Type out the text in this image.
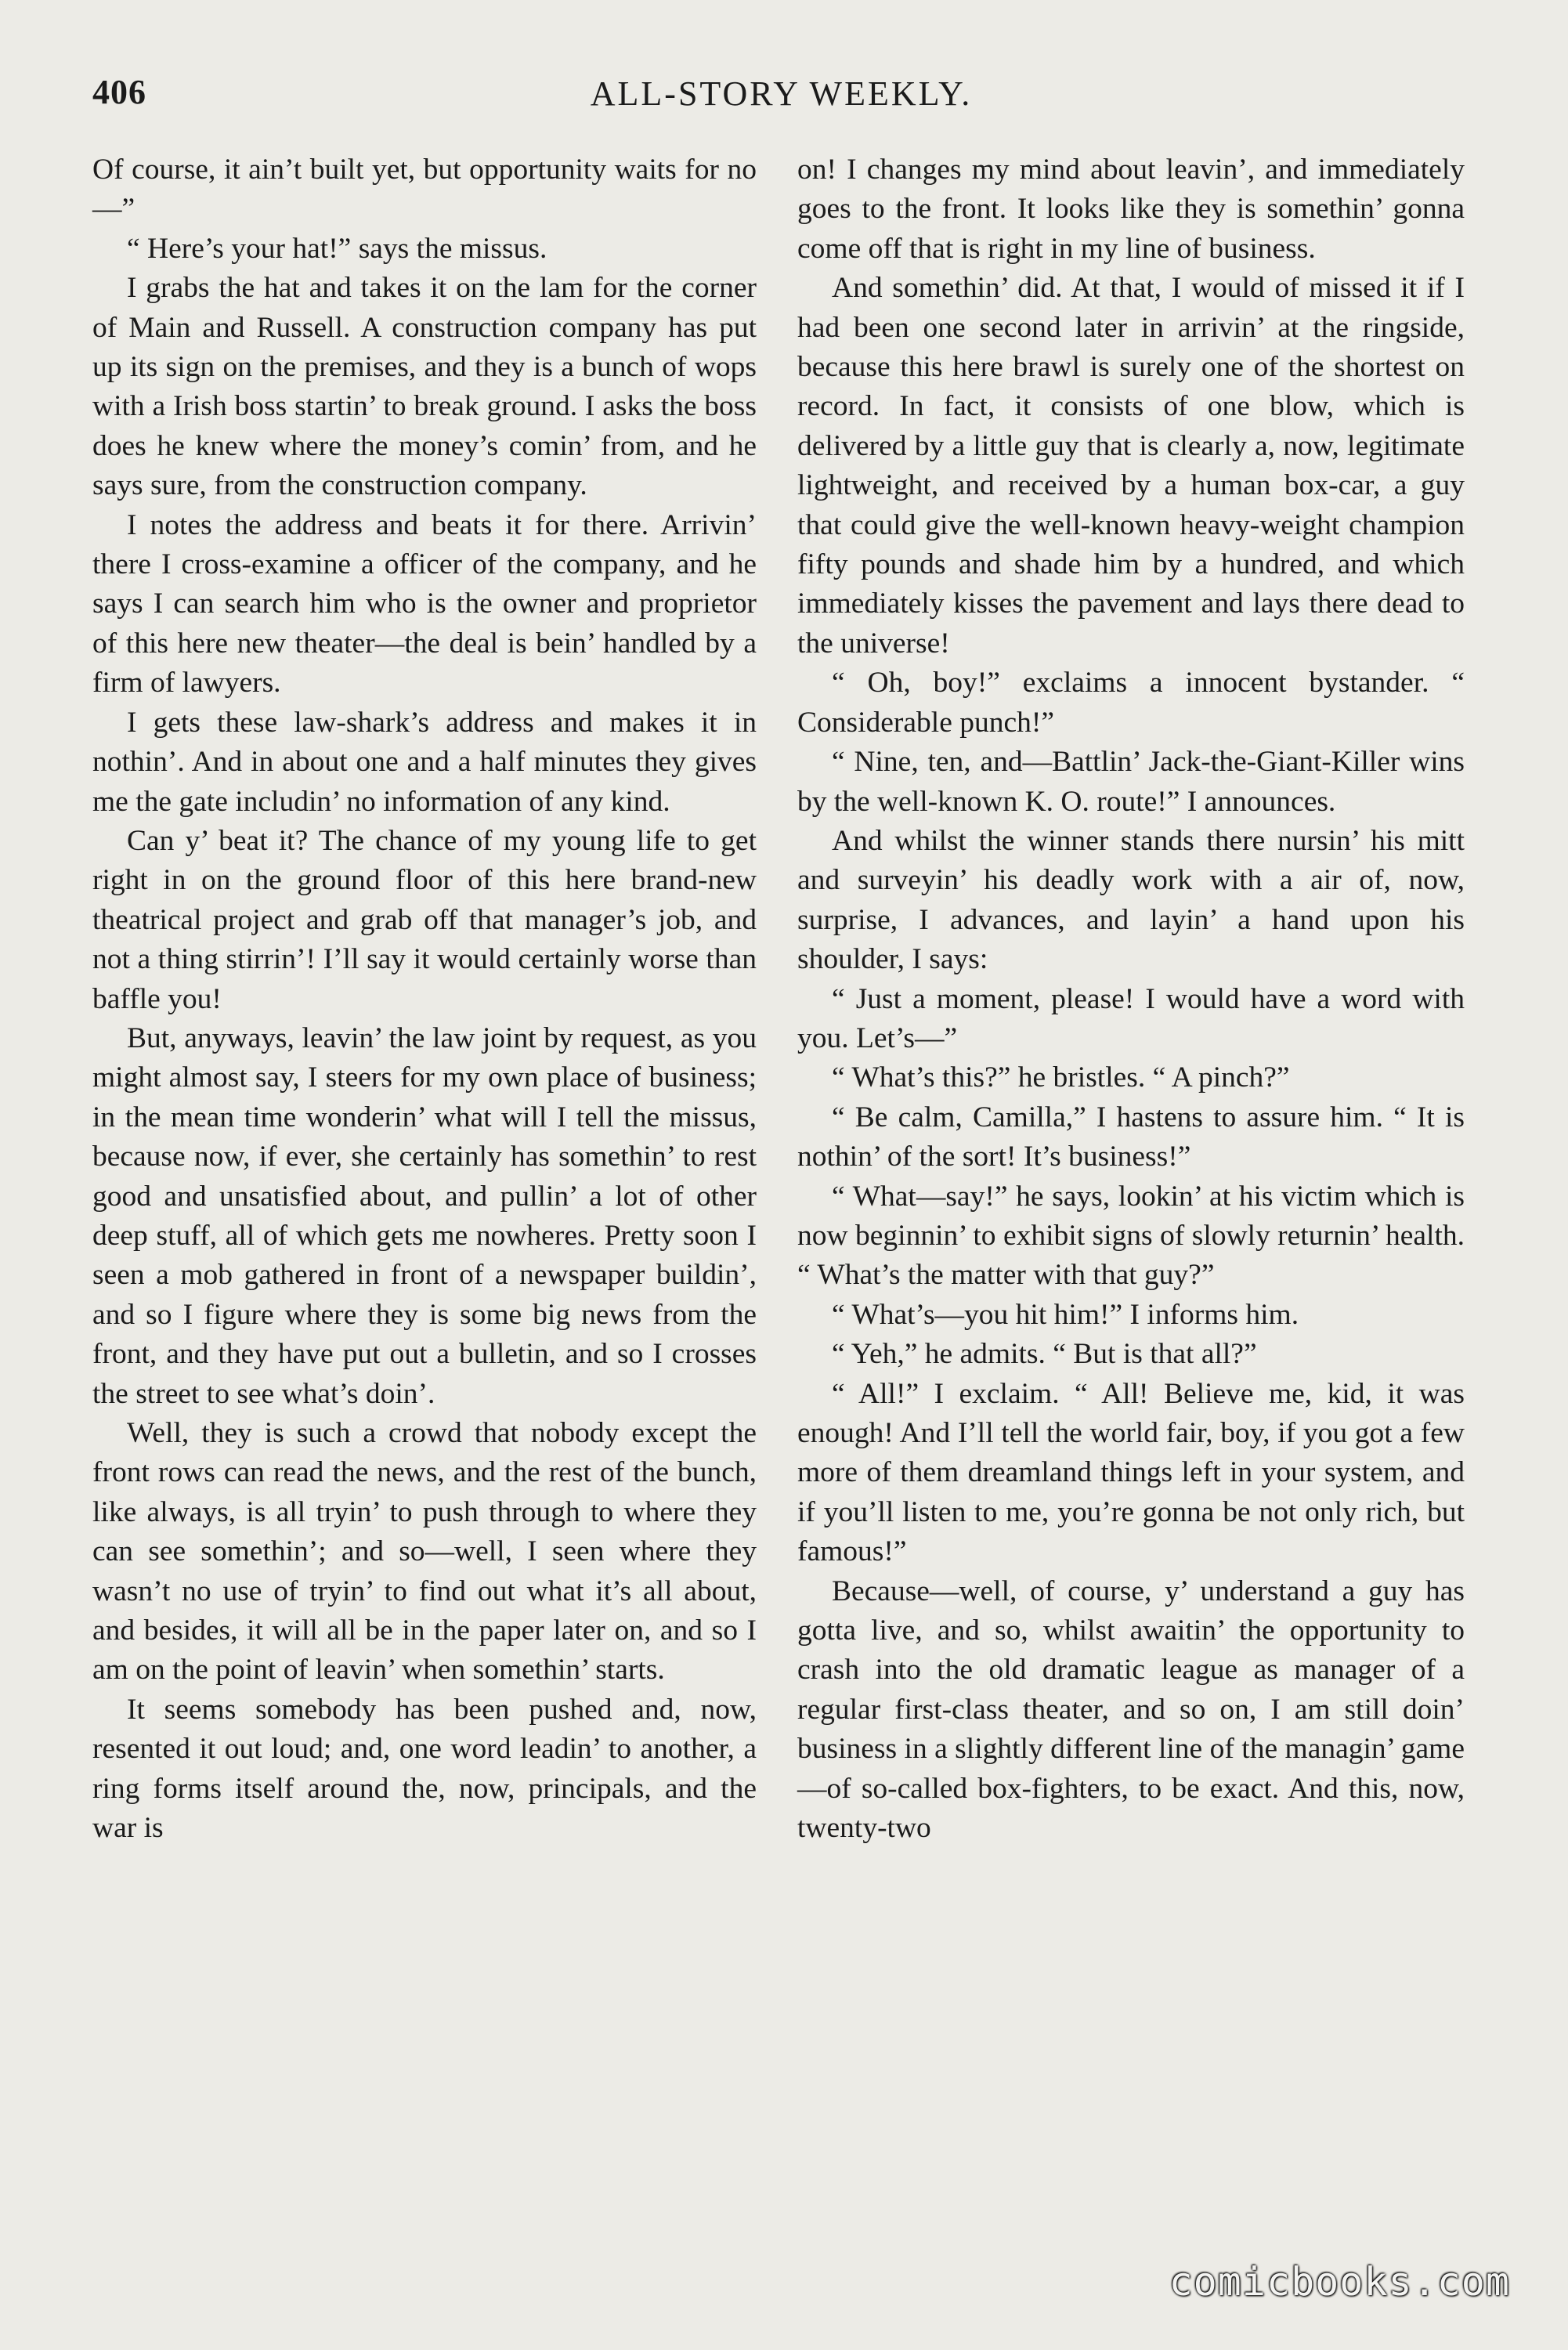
406	ALL-STORY WEEKLY.

Of course, it ain’t built yet, but opportunity waits for no—”

“ Here’s your hat!” says the missus.

I grabs the hat and takes it on the lam for the corner of Main and Russell. A construction company has put up its sign on the premises, and they is a bunch of wops with a Irish boss startin’ to break ground. I asks the boss does he knew where the money’s comin’ from, and he says sure, from the construction company.

I notes the address and beats it for there. Arrivin’ there I cross-examine a officer of the company, and he says I can search him who is the owner and proprietor of this here new theater—the deal is bein’ handled by a firm of lawyers.

I gets these law-shark’s address and makes it in nothin’. And in about one and a half minutes they gives me the gate includin’ no information of any kind.

Can y’ beat it? The chance of my young life to get right in on the ground floor of this here brand-new theatrical project and grab off that manager’s job, and not a thing stirrin’! I’ll say it would certainly worse than baffle you!

But, anyways, leavin’ the law joint by request, as you might almost say, I steers for my own place of business; in the mean time wonderin’ what will I tell the missus, because now, if ever, she certainly has somethin’ to rest good and unsatisfied about, and pullin’ a lot of other deep stuff, all of which gets me nowheres. Pretty soon I seen a mob gathered in front of a newspaper buildin’, and so I figure where they is some big news from the front, and they have put out a bulletin, and so I crosses the street to see what’s doin’.

Well, they is such a crowd that nobody except the front rows can read the news, and the rest of the bunch, like always, is all tryin’ to push through to where they can see somethin’; and so—well, I seen where they wasn’t no use of tryin’ to find out what it’s all about, and besides, it will all be in the paper later on, and so I am on the point of leavin’ when somethin’ starts.

It seems somebody has been pushed and, now, resented it out loud; and, one word leadin’ to another, a ring forms itself around the, now, principals, and the war is

on! I changes my mind about leavin’, and immediately goes to the front. It looks like they is somethin’ gonna come off that is right in my line of business.

And somethin’ did. At that, I would of missed it if I had been one second later in arrivin’ at the ringside, because this here brawl is surely one of the shortest on record. In fact, it consists of one blow, which is delivered by a little guy that is clearly a, now, legitimate lightweight, and received by a human box-car, a guy that could give the well-known heavy-weight champion fifty pounds and shade him by a hundred, and which immediately kisses the pavement and lays there dead to the universe!

“ Oh, boy!” exclaims a innocent bystander. “ Considerable punch!”

“ Nine, ten, and—Battlin’ Jack-the-Giant-Killer wins by the well-known K. O. route!” I announces.

And whilst the winner stands there nursin’ his mitt and surveyin’ his deadly work with a air of, now, surprise, I advances, and layin’ a hand upon his shoulder, I says:

“ Just a moment, please! I would have a word with you. Let’s—”

“ What’s this?” he bristles. “ A pinch?”

“ Be calm, Camilla,” I hastens to assure him. “ It is nothin’ of the sort! It’s business!”

“ What—say!” he says, lookin’ at his victim which is now beginnin’ to exhibit signs of slowly returnin’ health. “ What’s the matter with that guy?”

“ What’s—you hit him!” I informs him.

“ Yeh,” he admits. “ But is that all?”

“ All!” I exclaim. “ All! Believe me, kid, it was enough! And I’ll tell the world fair, boy, if you got a few more of them dreamland things left in your system, and if you’ll listen to me, you’re gonna be not only rich, but famous!”

Because—well, of course, y’ understand a guy has gotta live, and so, whilst awaitin’ the opportunity to crash into the old dramatic league as manager of a regular first-class theater, and so on, I am still doin’ business in a slightly different line of the managin’ game—of so-called box-fighters, to be exact. And this, now, twenty-two

comicbooks.com
